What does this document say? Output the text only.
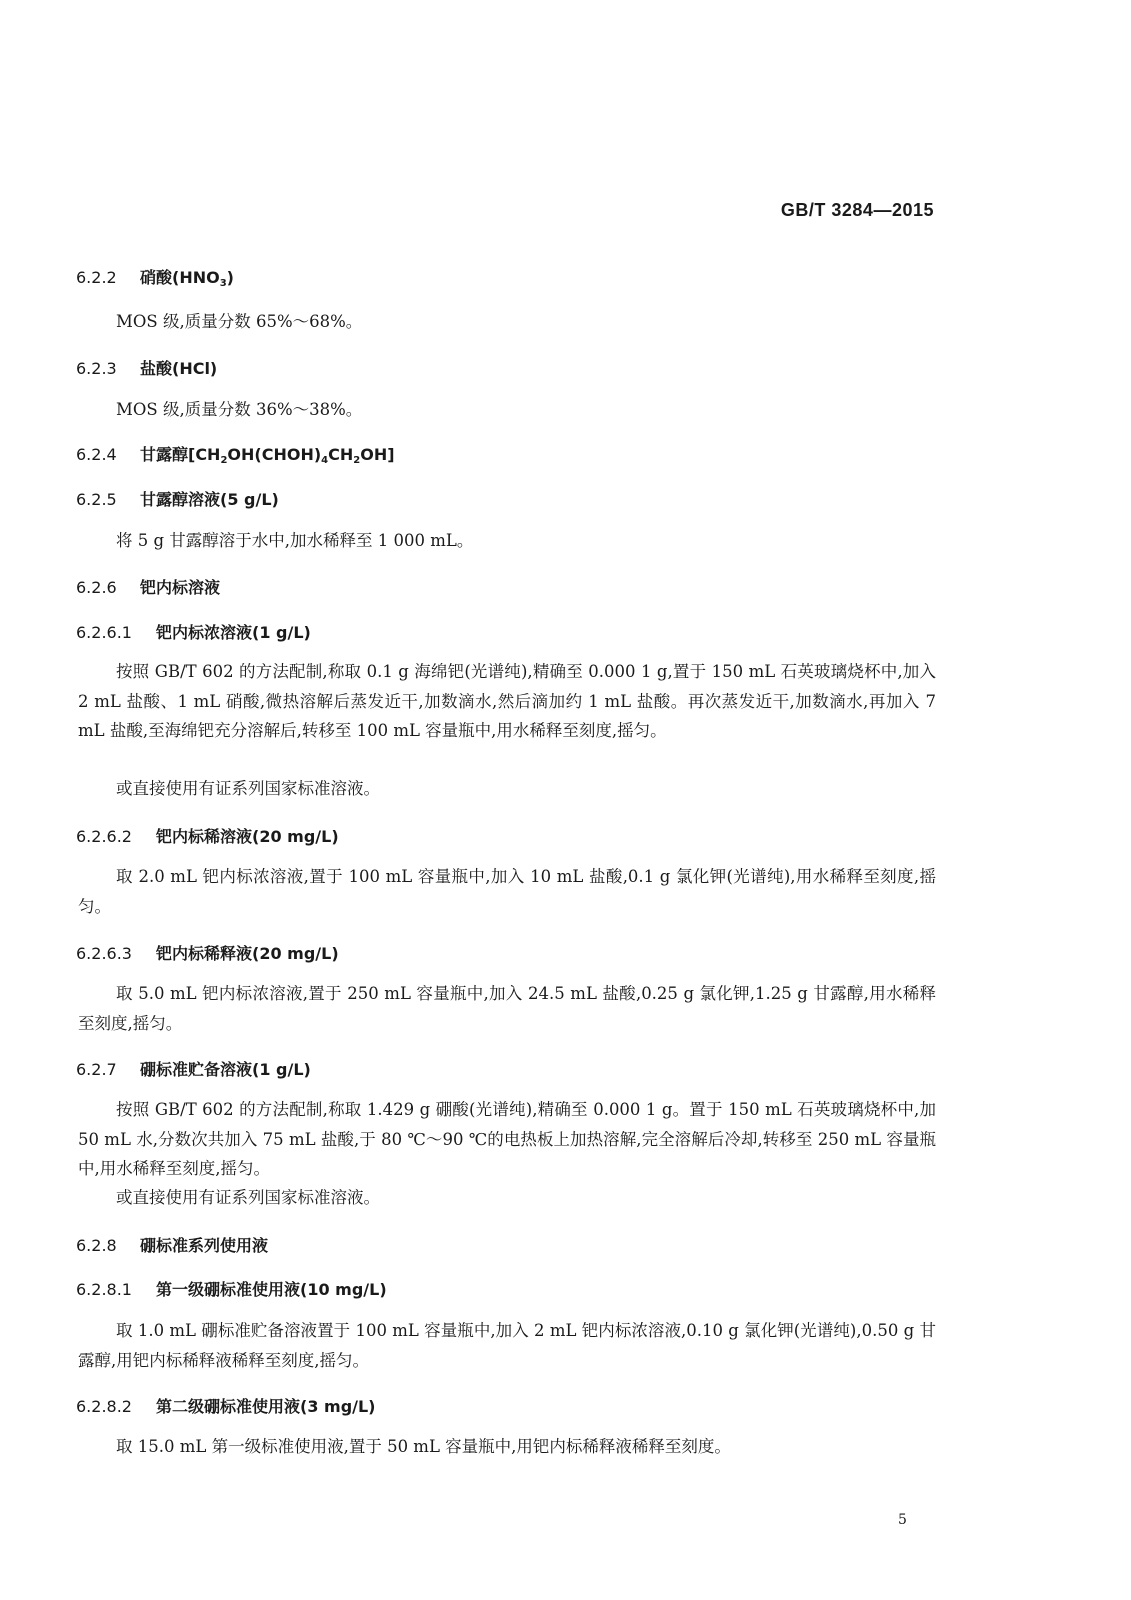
GB/T 3284—2015
6.2.2 硝酸$(HNO_3)$

MOS 级,质量分数 65%～68%。

6.2.3 盐酸(HCl)

MOS 级,质量分数 36%～38%。

6.2.4 甘露醇$[CH_2OH(CHOH)_4CH_2OH]$
6.2.5 甘露醇溶液(5 g/L)

将 5 g 甘露醇溶于水中,加水稀释至 1 000 mL。

6.2.6 钯内标溶液
6.2.6.1 钯内标浓溶液(1 g/L)

按照 GB/T 602 的方法配制,称取 0.1 g 海绵钯(光谱纯),精确至 0.000 1 g,置于 150 mL 石英玻璃烧杯中,加入 2 mL 盐酸、1 mL 硝酸,微热溶解后蒸发近干,加数滴水,然后滴加约 1 mL 盐酸。再次蒸发近干,加数滴水,再加入 7 mL 盐酸,至海绵钯充分溶解后,转移至 100 mL 容量瓶中,用水稀释至刻度,摇匀。

或直接使用有证系列国家标准溶液。

6.2.6.2 钯内标稀溶液(20 mg/L)

取 2.0 mL 钯内标浓溶液,置于 100 mL 容量瓶中,加入 10 mL 盐酸,0.1 g 氯化钾(光谱纯),用水稀释至刻度,摇匀。

6.2.6.3 钯内标稀释液(20 mg/L)

取 5.0 mL 钯内标浓溶液,置于 250 mL 容量瓶中,加入 24.5 mL 盐酸,0.25 g 氯化钾,1.25 g 甘露醇,用水稀释至刻度,摇匀。

6.2.7 硼标准贮备溶液(1 g/L)

按照 GB/T 602 的方法配制,称取 1.429 g 硼酸(光谱纯),精确至 0.000 1 g。置于 150 mL 石英玻璃烧杯中,加 50 mL 水,分数次共加入 75 mL 盐酸,于 80 ℃～90 ℃的电热板上加热溶解,完全溶解后冷却,转移至 250 mL 容量瓶中,用水稀释至刻度,摇匀。

或直接使用有证系列国家标准溶液。

6.2.8 硼标准系列使用液
6.2.8.1 第一级硼标准使用液(10 mg/L)

取 1.0 mL 硼标准贮备溶液置于 100 mL 容量瓶中,加入 2 mL 钯内标浓溶液,0.10 g 氯化钾(光谱纯),0.50 g 甘露醇,用钯内标稀释液稀释至刻度,摇匀。

6.2.8.2 第二级硼标准使用液(3 mg/L)

取 15.0 mL 第一级标准使用液,置于 50 mL 容量瓶中,用钯内标稀释液稀释至刻度。

5
